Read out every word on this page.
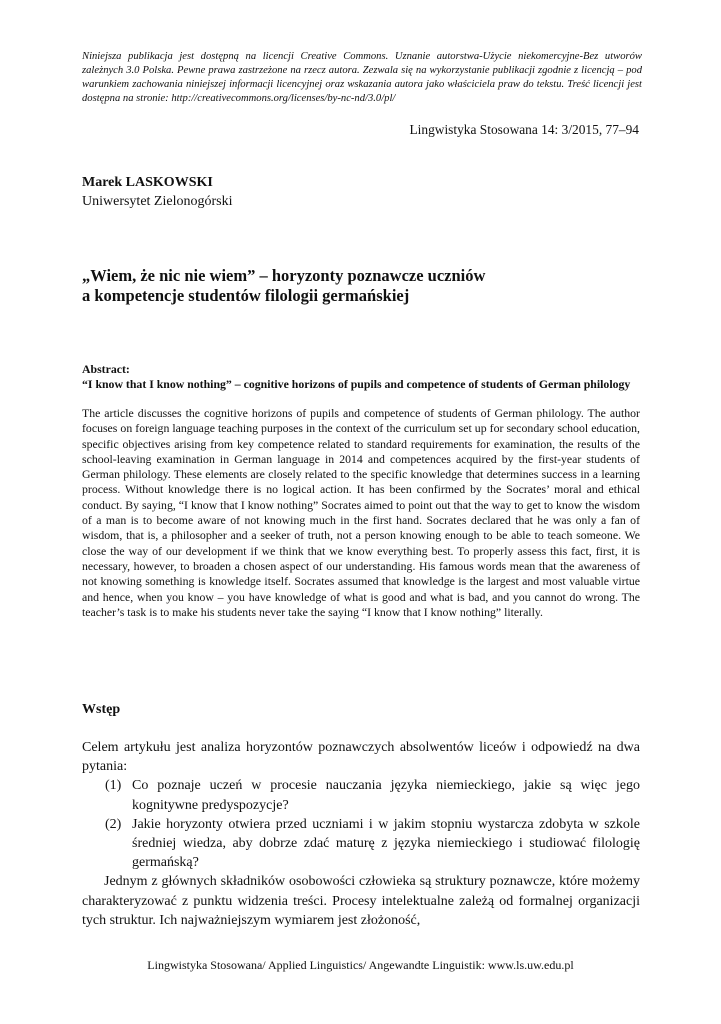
Niniejsza publikacja jest dostępną na licencji Creative Commons. Uznanie autorstwa-Użycie niekomercyjne-Bez utworów zależnych 3.0 Polska. Pewne prawa zastrzeżone na rzecz autora. Zezwala się na wykorzystanie publikacji zgodnie z licencją – pod warunkiem zachowania niniejszej informacji licencyjnej oraz wskazania autora jako właściciela praw do tekstu. Treść licencji jest dostępna na stronie: http://creativecommons.org/licenses/by-nc-nd/3.0/pl/

Lingwistyka Stosowana 14: 3/2015, 77–94

Marek LASKOWSKI
Uniwersytet Zielonogórski
„Wiem, że nic nie wiem” – horyzonty poznawcze uczniów
a kompetencje studentów filologii germańskiej

Abstract:

“I know that I know nothing” – cognitive horizons of pupils and competence of students of German philology

The article discusses the cognitive horizons of pupils and competence of students of German philology. The author focuses on foreign language teaching purposes in the context of the curriculum set up for secondary school education, specific objectives arising from key competence related to standard requirements for examination, the results of the school-leaving examination in German language in 2014 and competences acquired by the first-year students of German philology. These elements are closely related to the specific knowledge that determines success in a learning process. Without knowledge there is no logical action. It has been confirmed by the Socrates’ moral and ethical conduct. By saying, “I know that I know nothing” Socrates aimed to point out that the way to get to know the wisdom of a man is to become aware of not knowing much in the first hand. Socrates declared that he was only a fan of wisdom, that is, a philosopher and a seeker of truth, not a person knowing enough to be able to teach someone. We close the way of our development if we think that we know everything best. To properly assess this fact, first, it is necessary, however, to broaden a chosen aspect of our understanding. His famous words mean that the awareness of not knowing something is knowledge itself. Socrates assumed that knowledge is the largest and most valuable virtue and hence, when you know – you have knowledge of what is good and what is bad, and you cannot do wrong. The teacher’s task is to make his students never take the saying “I know that I know nothing” literally.

Wstęp

Celem artykułu jest analiza horyzontów poznawczych absolwentów liceów i odpowiedź na dwa pytania:

(1) Co poznaje uczeń w procesie nauczania języka niemieckiego, jakie są więc jego kognitywne predyspozycje?
(2) Jakie horyzonty otwiera przed uczniami i w jakim stopniu wystarcza zdobyta w szkole średniej wiedza, aby dobrze zdać maturę z języka niemieckiego i studiować filologię germańską?

Jednym z głównych składników osobowości człowieka są struktury poznawcze, które możemy charakteryzować z punktu widzenia treści. Procesy intelektualne zależą od formalnej organizacji tych struktur. Ich najważniejszym wymiarem jest złożoność,

Lingwistyka Stosowana/ Applied Linguistics/ Angewandte Linguistik: www.ls.uw.edu.pl
